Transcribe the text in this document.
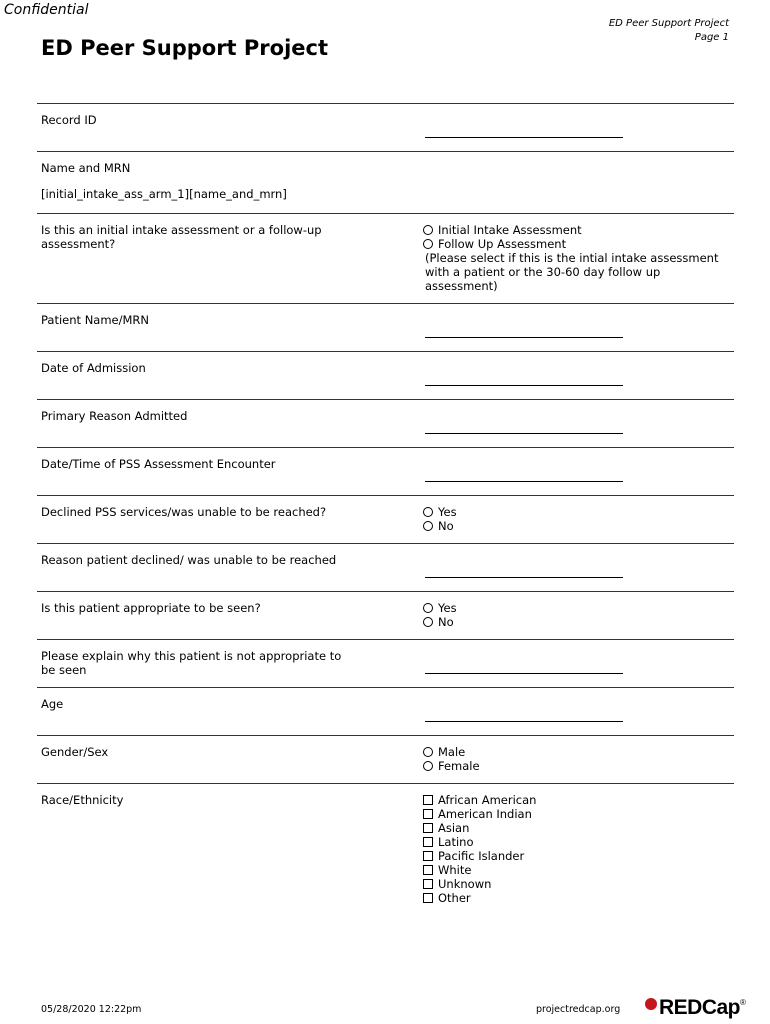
Confidential
ED Peer Support Project
Page 1
ED Peer Support Project
Record ID
Name and MRN
[initial_intake_ass_arm_1][name_and_mrn]
Is this an initial intake assessment or a follow-up assessment?
Initial Intake Assessment
Follow Up Assessment
(Please select if this is the intial intake assessment with a patient or the 30-60 day follow up assessment)
Patient Name/MRN
Date of Admission
Primary Reason Admitted
Date/Time of PSS Assessment Encounter
Declined PSS services/was unable to be reached?	Yes
No
Reason patient declined/ was unable to be reached
Is this patient appropriate to be seen?	Yes
No
Please explain why this patient is not appropriate to be seen
Age
Gender/Sex	Male
Female
Race/Ethnicity	African American
American Indian
Asian
Latino
Pacific Islander
White
Unknown
Other
05/28/2020 12:22pm	projectredcap.org REDCap ®
